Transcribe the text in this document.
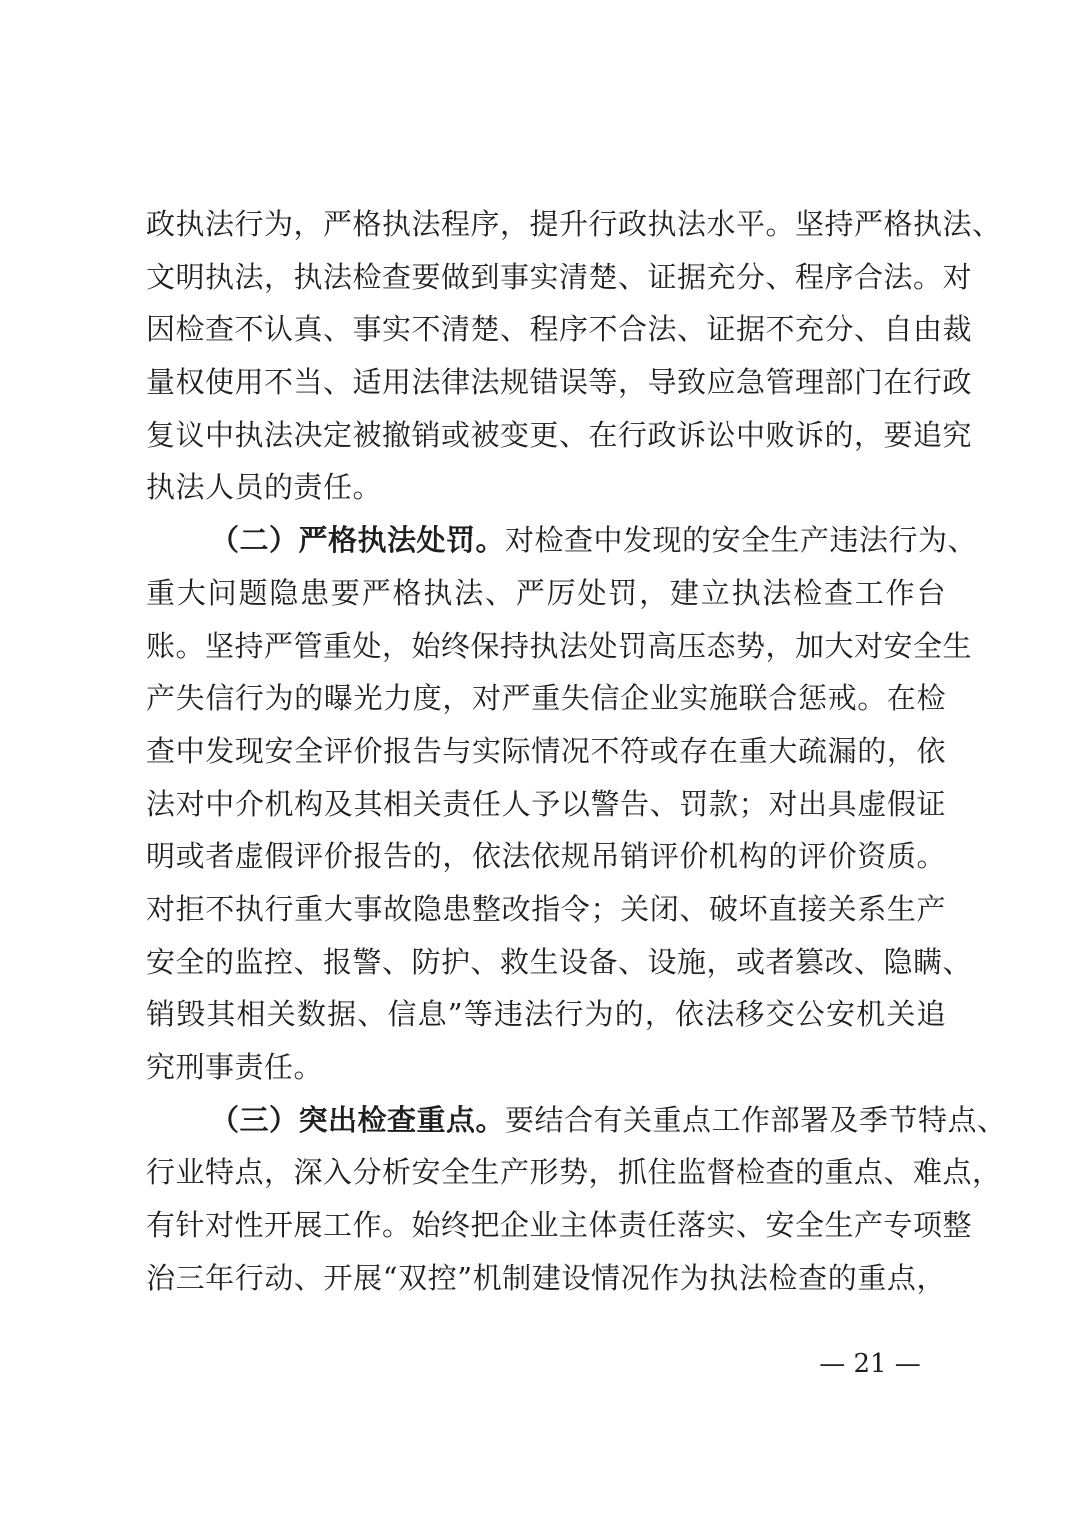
政执法行为，严格执法程序，提升行政执法水平。坚持严格执法、
文明执法，执法检查要做到事实清楚、证据充分、程序合法。对
因检查不认真、事实不清楚、程序不合法、证据不充分、自由裁
量权使用不当、适用法律法规错误等，导致应急管理部门在行政
复议中执法决定被撤销或被变更、在行政诉讼中败诉的，要追究
执法人员的责任。
（二）严格执法处罚。对检查中发现的安全生产违法行为、
重大问题隐患要严格执法、严厉处罚，建立执法检查工作台
账。坚持严管重处，始终保持执法处罚高压态势，加大对安全生
产失信行为的曝光力度，对严重失信企业实施联合惩戒。在检
查中发现安全评价报告与实际情况不符或存在重大疏漏的，依
法对中介机构及其相关责任人予以警告、罚款；对出具虚假证
明或者虚假评价报告的，依法依规吊销评价机构的评价资质。
对拒不执行重大事故隐患整改指令；关闭、破坏直接关系生产
安全的监控、报警、防护、救生设备、设施，或者篡改、隐瞒、
销毁其相关数据、信息”等违法行为的，依法移交公安机关追
究刑事责任。
（三）突出检查重点。要结合有关重点工作部署及季节特点、
行业特点，深入分析安全生产形势，抓住监督检查的重点、难点，
有针对性开展工作。始终把企业主体责任落实、安全生产专项整
治三年行动、开展“双控”机制建设情况作为执法检查的重点，
— 21 —
